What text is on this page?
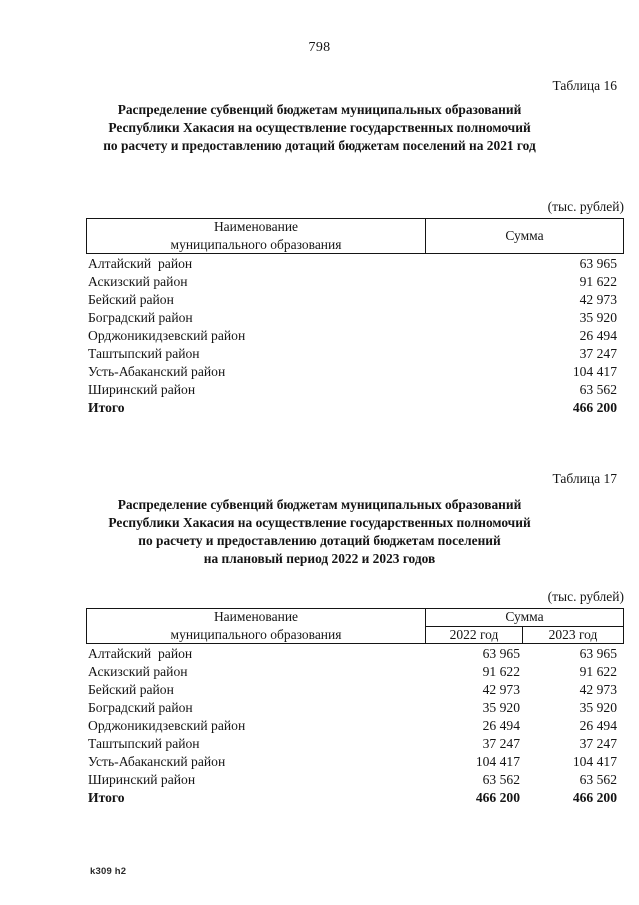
798
Таблица 16
Распределение субвенций бюджетам муниципальных образований
Республики Хакасия на осуществление государственных полномочий
по расчету и предоставлению дотаций бюджетам поселений на 2021 год
(тыс. рублей)
Наименование
муниципального образования
Сумма
Алтайский  район	63 965
Аскизский район	91 622
Бейский район	42 973
Боградский район	35 920
Орджоникидзевский район	26 494
Таштыпский район	37 247
Усть-Абаканский район	104 417
Ширинский район	63 562
Итого	466 200
Таблица 17
Распределение субвенций бюджетам муниципальных образований
Республики Хакасия на осуществление государственных полномочий
по расчету и предоставлению дотаций бюджетам поселений
на плановый период 2022 и 2023 годов
(тыс. рублей)
Наименование
муниципального образования
Сумма
2022 год	2023 год
Алтайский  район	63 965	63 965
Аскизский район	91 622	91 622
Бейский район	42 973	42 973
Боградский район	35 920	35 920
Орджоникидзевский район	26 494	26 494
Таштыпский район	37 247	37 247
Усть-Абаканский район	104 417	104 417
Ширинский район	63 562	63 562
Итого	466 200	466 200
k309 h2
